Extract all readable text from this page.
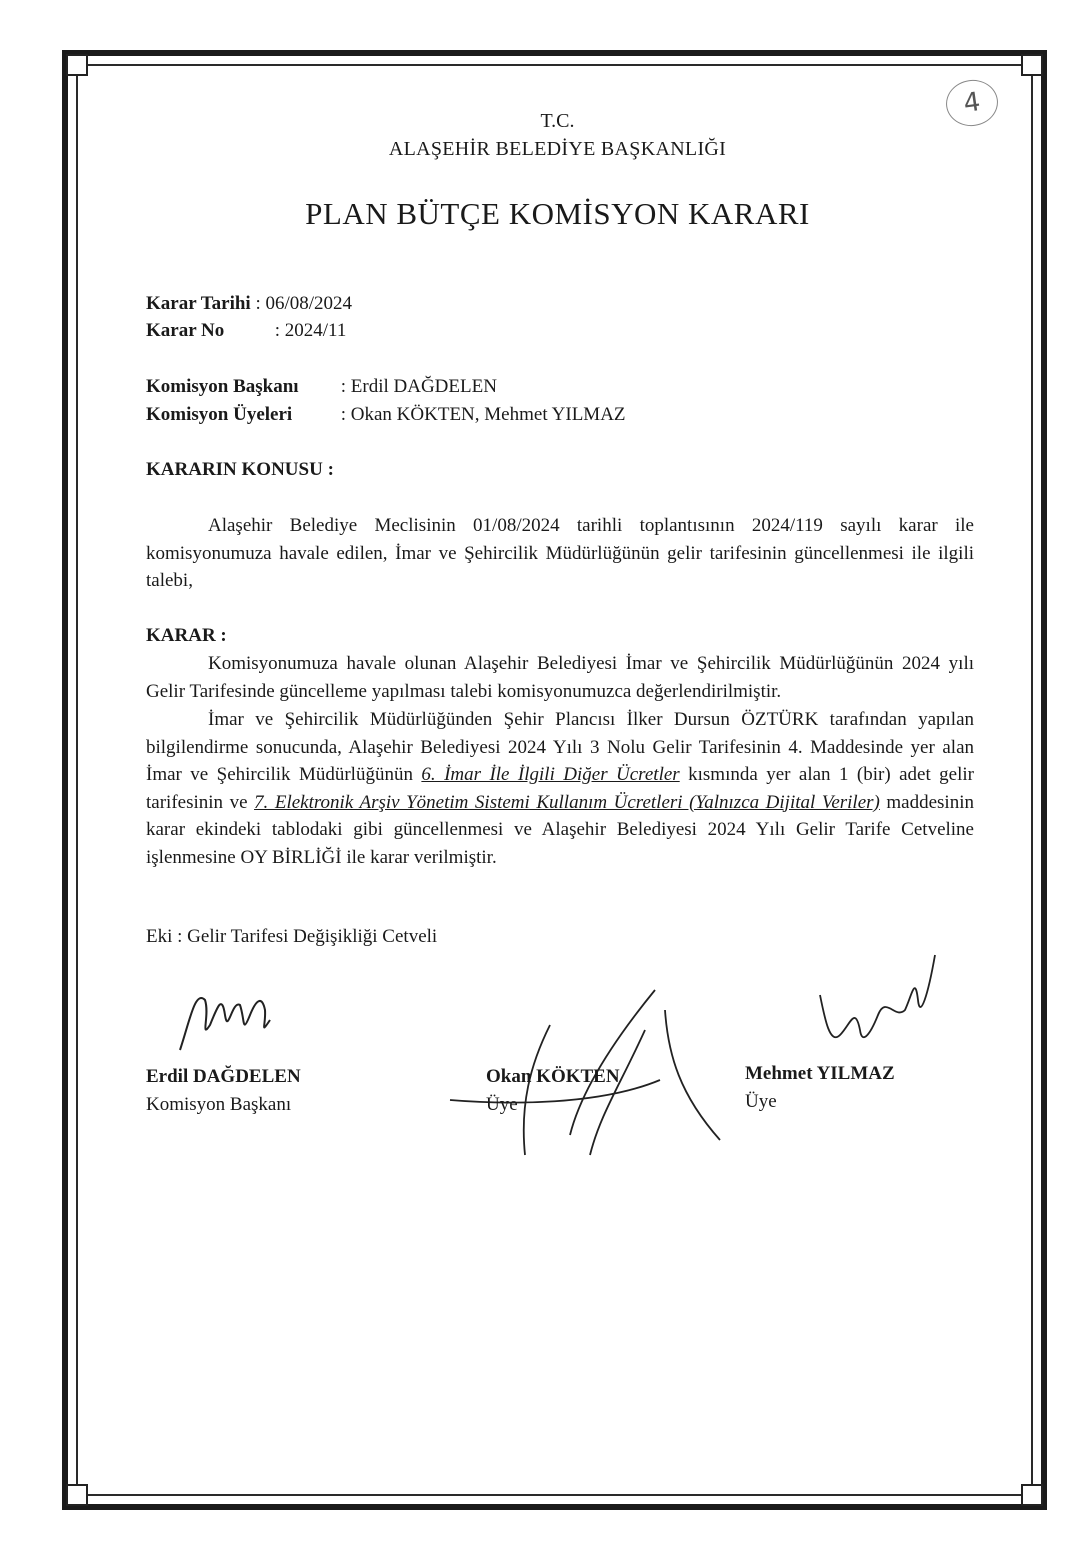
4
T.C.
ALAŞEHİR BELEDİYE BAŞKANLIĞI
PLAN BÜTÇE KOMİSYON KARARI
Karar Tarihi : 06/08/2024
Karar No	: 2024/11
Komisyon Başkanı : Erdil DAĞDELEN
Komisyon Üyeleri	: Okan KÖKTEN, Mehmet YILMAZ
KARARIN KONUSU :

Alaşehir Belediye Meclisinin 01/08/2024 tarihli toplantısının 2024/119 sayılı karar ile komisyonumuza havale edilen, İmar ve Şehircilik Müdürlüğünün gelir tarifesinin güncellenmesi ile ilgili talebi,

KARAR :

Komisyonumuza havale olunan Alaşehir Belediyesi İmar ve Şehircilik Müdürlüğünün 2024 yılı Gelir Tarifesinde güncelleme yapılması talebi komisyonumuzca değerlendirilmiştir.

İmar ve Şehircilik Müdürlüğünden Şehir Plancısı İlker Dursun ÖZTÜRK tarafından yapılan bilgilendirme sonucunda, Alaşehir Belediyesi 2024 Yılı 3 Nolu Gelir Tarifesinin 4. Maddesinde yer alan İmar ve Şehircilik Müdürlüğünün 6. İmar İle İlgili Diğer Ücretler kısmında yer alan 1 (bir) adet gelir tarifesinin ve 7. Elektronik Arşiv Yönetim Sistemi Kullanım Ücretleri (Yalnızca Dijital Veriler) maddesinin karar ekindeki tablodaki gibi güncellenmesi ve Alaşehir Belediyesi 2024 Yılı Gelir Tarife Cetveline işlenmesine OY BİRLİĞİ ile karar verilmiştir.

Eki : Gelir Tarifesi Değişikliği Cetveli
Erdil DAĞDELEN
Komisyon Başkanı
Okan KÖKTEN
Üye
Mehmet YILMAZ
Üye
